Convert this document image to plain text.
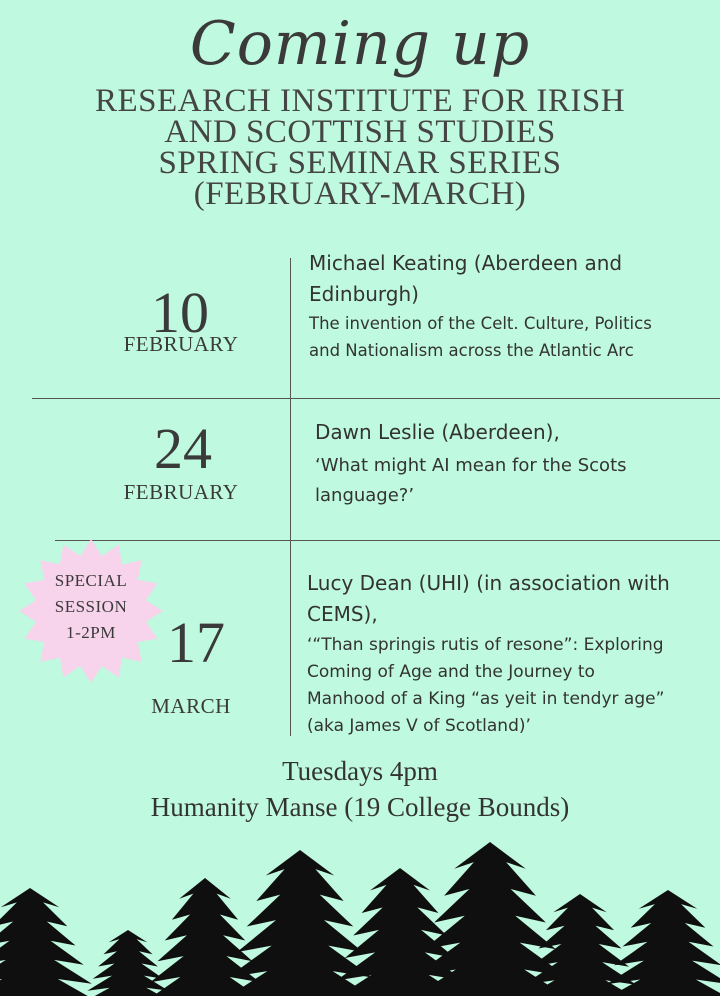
Coming up
RESEARCH INSTITUTE FOR IRISH
AND SCOTTISH STUDIES
SPRING SEMINAR SERIES
(FEBRUARY-MARCH)
10
FEBRUARY
Michael Keating (Aberdeen and
Edinburgh)
The invention of the Celt. Culture, Politics
and Nationalism across the Atlantic Arc
24
FEBRUARY
Dawn Leslie (Aberdeen),
‘What might AI mean for the Scots
language?’
SPECIAL
SESSION
1-2PM 17
MARCH
Lucy Dean (UHI) (in association with
CEMS),
‘“Than springis rutis of resone”: Exploring
Coming of Age and the Journey to
Manhood of a King “as yeit in tendyr age”
(aka James V of Scotland)’
Tuesdays 4pm
Humanity Manse (19 College Bounds)
